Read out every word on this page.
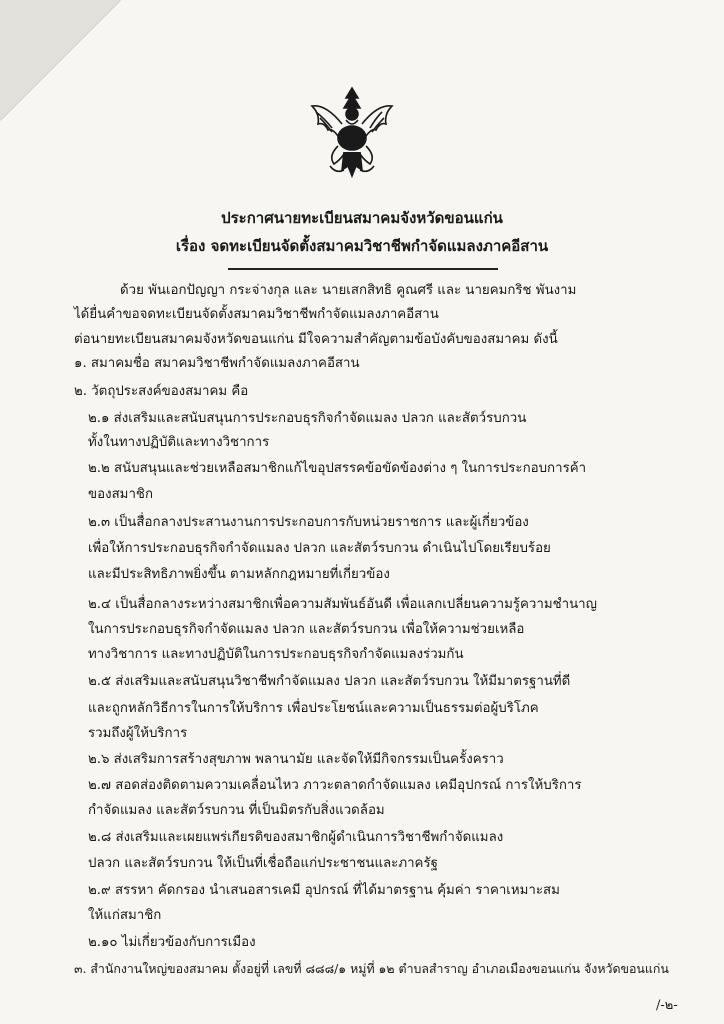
ประกาศนายทะเบียนสมาคมจังหวัดขอนแก่น
เรื่อง จดทะเบียนจัดตั้งสมาคมวิชาชีพกำจัดแมลงภาคอีสาน
ด้วย พันเอกปัญญา กระจ่างกุล และ นายเสกสิทธิ คูณศรี และ นายคมกริช พันงาม
ได้ยื่นคำขอจดทะเบียนจัดตั้งสมาคมวิชาชีพกำจัดแมลงภาคอีสาน
ต่อนายทะเบียนสมาคมจังหวัดขอนแก่น มีใจความสำคัญตามข้อบังคับของสมาคม ดังนี้
๑. สมาคมชื่อ สมาคมวิชาชีพกำจัดแมลงภาคอีสาน
๒. วัตถุประสงค์ของสมาคม คือ
๒.๑ ส่งเสริมและสนับสนุนการประกอบธุรกิจกำจัดแมลง ปลวก และสัตว์รบกวน
ทั้งในทางปฏิบัติและทางวิชาการ
๒.๒ สนับสนุนและช่วยเหลือสมาชิกแก้ไขอุปสรรคข้อขัดข้องต่าง ๆ ในการประกอบการค้า
ของสมาชิก
๒.๓ เป็นสื่อกลางประสานงานการประกอบการกับหน่วยราชการ และผู้เกี่ยวข้อง
เพื่อให้การประกอบธุรกิจกำจัดแมลง ปลวก และสัตว์รบกวน ดำเนินไปโดยเรียบร้อย
และมีประสิทธิภาพยิ่งขึ้น ตามหลักกฎหมายที่เกี่ยวข้อง
๒.๔ เป็นสื่อกลางระหว่างสมาชิกเพื่อความสัมพันธ์อันดี เพื่อแลกเปลี่ยนความรู้ความชำนาญ
ในการประกอบธุรกิจกำจัดแมลง ปลวก และสัตว์รบกวน เพื่อให้ความช่วยเหลือ
ทางวิชาการ และทางปฏิบัติในการประกอบธุรกิจกำจัดแมลงร่วมกัน
๒.๕ ส่งเสริมและสนับสนุนวิชาชีพกำจัดแมลง ปลวก และสัตว์รบกวน ให้มีมาตรฐานที่ดี
และถูกหลักวิธีการในการให้บริการ เพื่อประโยชน์และความเป็นธรรมต่อผู้บริโภค
รวมถึงผู้ให้บริการ
๒.๖ ส่งเสริมการสร้างสุขภาพ พลานามัย และจัดให้มีกิจกรรมเป็นครั้งคราว
๒.๗ สอดส่องติดตามความเคลื่อนไหว ภาวะตลาดกำจัดแมลง เคมีอุปกรณ์ การให้บริการ
กำจัดแมลง และสัตว์รบกวน ที่เป็นมิตรกับสิ่งแวดล้อม
๒.๘ ส่งเสริมและเผยแพร่เกียรติของสมาชิกผู้ดำเนินการวิชาชีพกำจัดแมลง
ปลวก และสัตว์รบกวน ให้เป็นที่เชื่อถือแก่ประชาชนและภาครัฐ
๒.๙ สรรหา คัดกรอง นำเสนอสารเคมี อุปกรณ์ ที่ได้มาตรฐาน คุ้มค่า ราคาเหมาะสม
ให้แก่สมาชิก
๒.๑๐ ไม่เกี่ยวข้องกับการเมือง
๓. สำนักงานใหญ่ของสมาคม ตั้งอยู่ที่ เลขที่ ๘๘๘/๑ หมู่ที่ ๑๒ ตำบลสำราญ อำเภอเมืองขอนแก่น จังหวัดขอนแก่น
/-๒-
